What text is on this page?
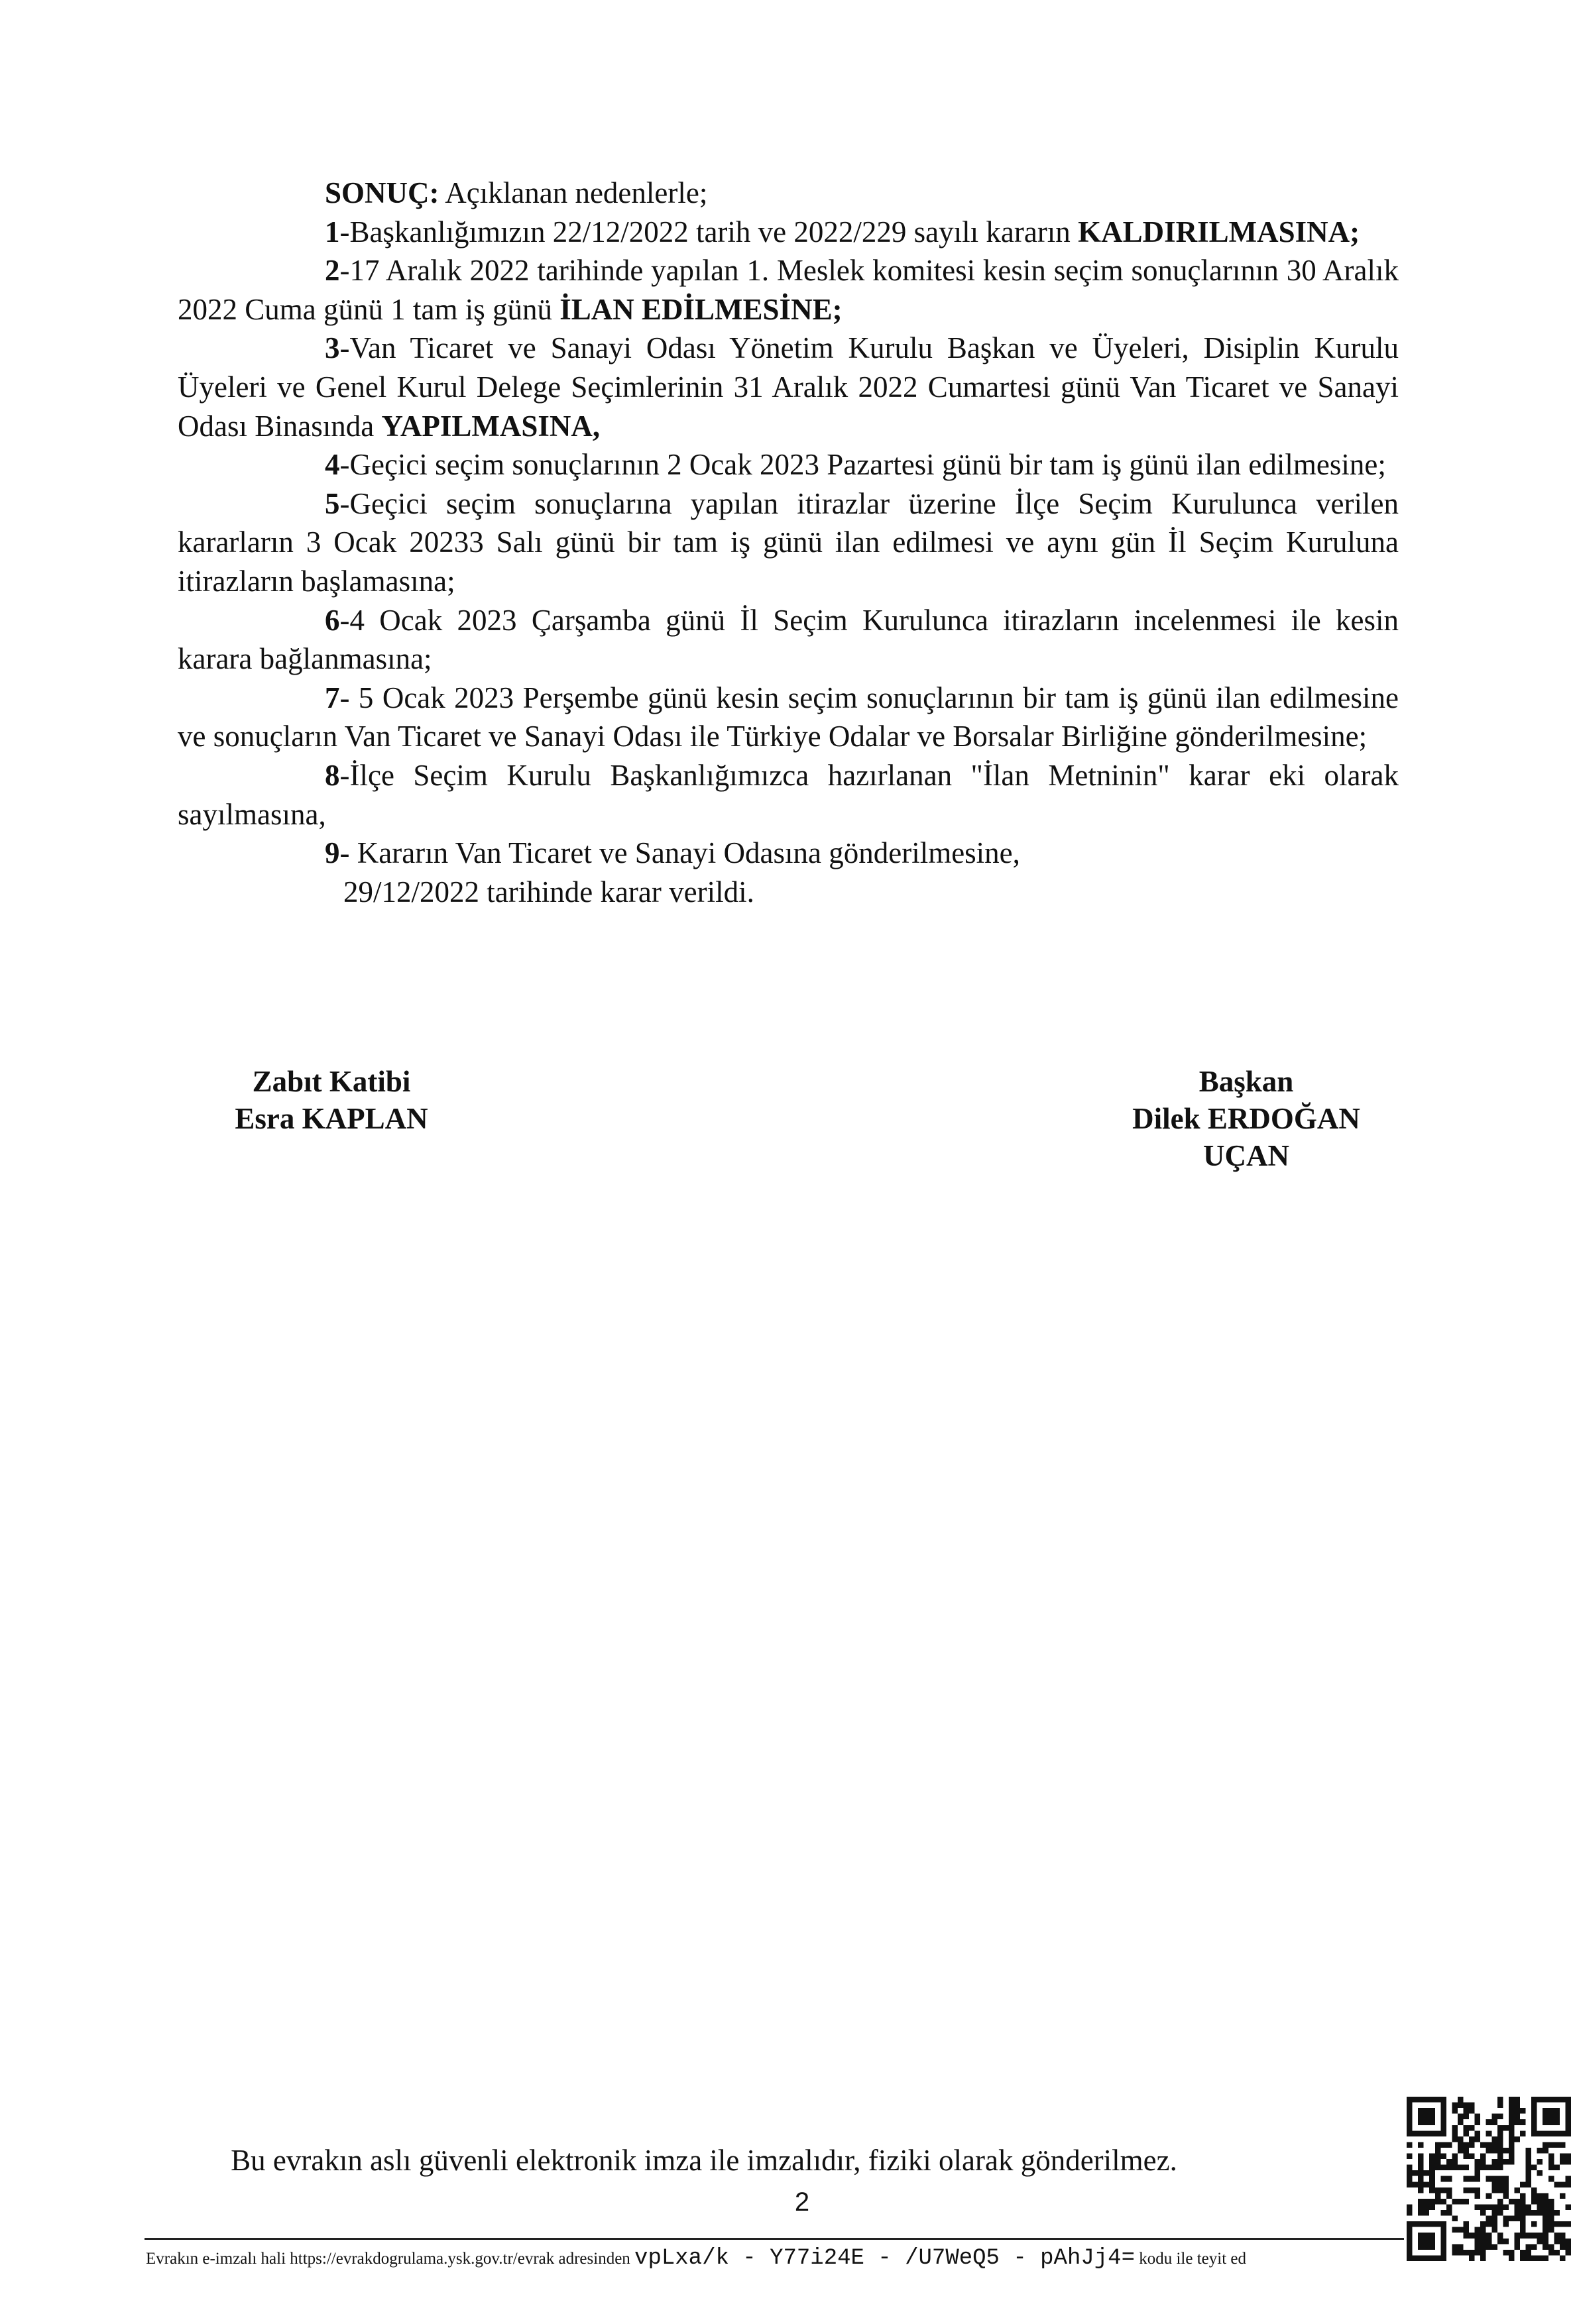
SONUÇ: Açıklanan nedenlerle;

1-Başkanlığımızın 22/12/2022 tarih ve 2022/229 sayılı kararın KALDIRILMASINA;

2-17 Aralık 2022 tarihinde yapılan 1. Meslek komitesi kesin seçim sonuçlarının 30 Aralık 2022 Cuma günü 1 tam iş günü İLAN EDİLMESİNE;

3-Van Ticaret ve Sanayi Odası Yönetim Kurulu Başkan ve Üyeleri, Disiplin Kurulu Üyeleri ve Genel Kurul Delege Seçimlerinin 31 Aralık 2022 Cumartesi günü Van Ticaret ve Sanayi Odası Binasında YAPILMASINA,

4-Geçici seçim sonuçlarının 2 Ocak 2023 Pazartesi günü bir tam iş günü ilan edilmesine;

5-Geçici seçim sonuçlarına yapılan itirazlar üzerine İlçe Seçim Kurulunca verilen kararların 3 Ocak 20233 Salı günü bir tam iş günü ilan edilmesi ve aynı gün İl Seçim Kuruluna itirazların başlamasına;

6-4 Ocak 2023 Çarşamba günü İl Seçim Kurulunca itirazların incelenmesi ile kesin karara bağlanmasına;

7- 5 Ocak 2023 Perşembe günü kesin seçim sonuçlarının bir tam iş günü ilan edilmesine ve sonuçların Van Ticaret ve Sanayi Odası ile Türkiye Odalar ve Borsalar Birliğine gönderilmesine;

8-İlçe Seçim Kurulu Başkanlığımızca hazırlanan "İlan Metninin" karar eki olarak sayılmasına,

9- Kararın Van Ticaret ve Sanayi Odasına gönderilmesine,

29/12/2022 tarihinde karar verildi.

Zabıt Katibi
Esra KAPLAN
Başkan
Dilek ERDOĞAN
UÇAN
Bu evrakın aslı güvenli elektronik imza ile imzalıdır, fiziki olarak gönderilmez.
2
Evrakın e-imzalı hali https://evrakdogrulama.ysk.gov.tr/evrak adresinden vpLxa/k - Y77i24E - /U7WeQ5 - pAhJj4= kodu ile teyit ed
